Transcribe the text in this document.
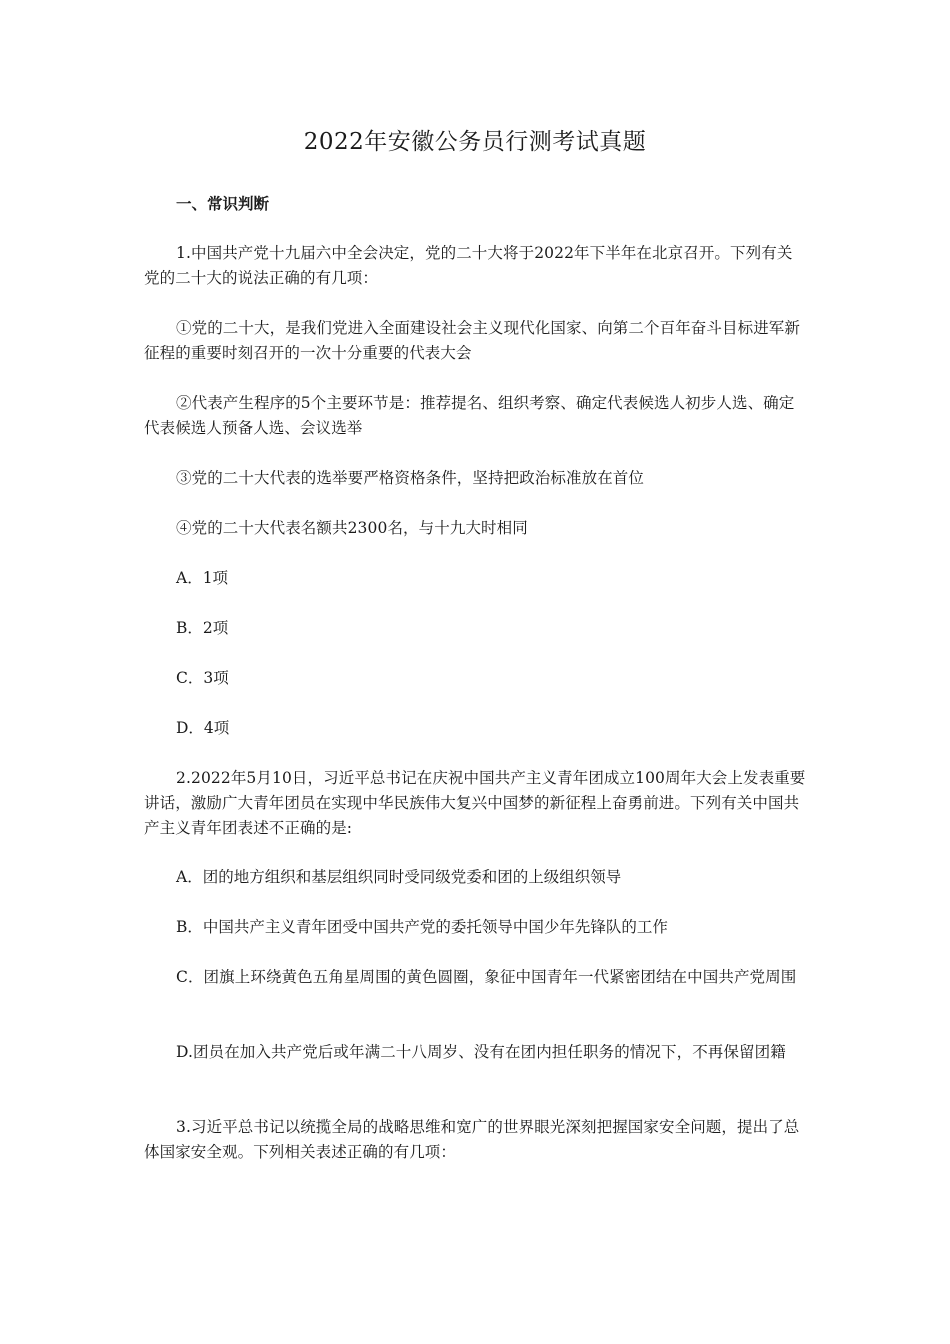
2022年安徽公务员行测考试真题
一、常识判断

1.中国共产党十九届六中全会决定，党的二十大将于2022年下半年在北京召开。下列有关党的二十大的说法正确的有几项：

①党的二十大，是我们党进入全面建设社会主义现代化国家、向第二个百年奋斗目标进军新征程的重要时刻召开的一次十分重要的代表大会

②代表产生程序的5个主要环节是：推荐提名、组织考察、确定代表候选人初步人选、确定代表候选人预备人选、会议选举

③党的二十大代表的选举要严格资格条件，坚持把政治标准放在首位

④党的二十大代表名额共2300名，与十九大时相同

A．1项

B．2项

C．3项

D．4项

2.2022年5月10日，习近平总书记在庆祝中国共产主义青年团成立100周年大会上发表重要讲话，激励广大青年团员在实现中华民族伟大复兴中国梦的新征程上奋勇前进。下列有关中国共产主义青年团表述不正确的是:

A．团的地方组织和基层组织同时受同级党委和团的上级组织领导

B．中国共产主义青年团受中国共产党的委托领导中国少年先锋队的工作

C．团旗上环绕黄色五角星周围的黄色圆圈，象征中国青年一代紧密团结在中国共产党周围

D.团员在加入共产党后或年满二十八周岁、没有在团内担任职务的情况下，不再保留团籍

3.习近平总书记以统揽全局的战略思维和宽广的世界眼光深刻把握国家安全问题，提出了总体国家安全观。下列相关表述正确的有几项：
